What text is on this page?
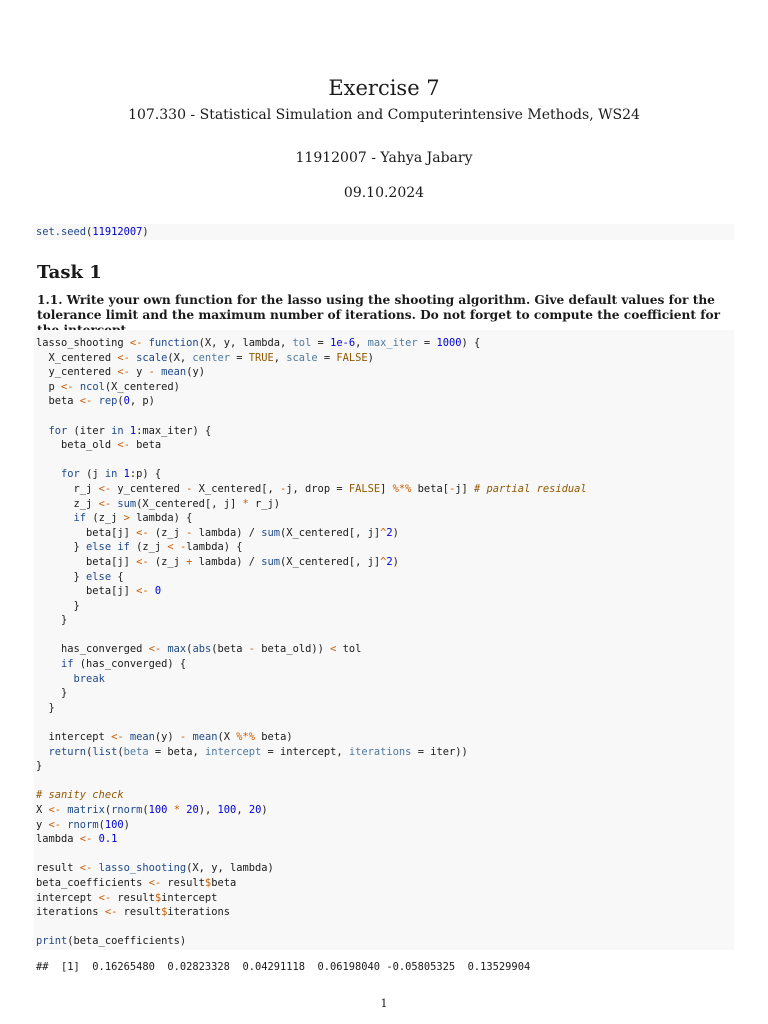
Exercise 7
107.330 - Statistical Simulation and Computerintensive Methods, WS24
11912007 - Yahya Jabary
09.10.2024
set.seed(11912007)
Task 1
1.1. Write your own function for the lasso using the shooting algorithm. Give default values for the tolerance limit and the maximum number of iterations. Do not forget to compute the coefficient for
lasso_shooting <- function(X, y, lambda, tol = 1e-6, max_iter = 1000) {
X_centered <- scale(X, center = TRUE, scale = FALSE)
y_centered <- y - mean(y)
p <- ncol(X_centered)
beta <- rep(0, p)

for (iter in 1:max_iter) {
beta_old <- beta

for (j in 1:p) {
r_j <- y_centered - X_centered[, -j, drop = FALSE] %*% beta[-j] # partial residual
z_j <- sum(X_centered[, j] * r_j)
if (z_j > lambda) {
beta[j] <- (z_j - lambda) / sum(X_centered[, j]^2)
} else if (z_j < -lambda) {
beta[j] <- (z_j + lambda) / sum(X_centered[, j]^2)
} else {
beta[j] <- 0
}
}

has_converged <- max(abs(beta - beta_old)) < tol
if (has_converged) {
break
}
}

intercept <- mean(y) - mean(X %*% beta)
return(list(beta = beta, intercept = intercept, iterations = iter))
}

# sanity check
X <- matrix(rnorm(100 * 20), 100, 20)
y <- rnorm(100)
lambda <- 0.1

result <- lasso_shooting(X, y, lambda)
beta_coefficients <- result$beta
intercept <- result$intercept
iterations <- result$iterations

print(beta_coefficients)
##  [1]  0.16265480  0.02823328  0.04291118  0.06198040 -0.05805325  0.13529904
1
